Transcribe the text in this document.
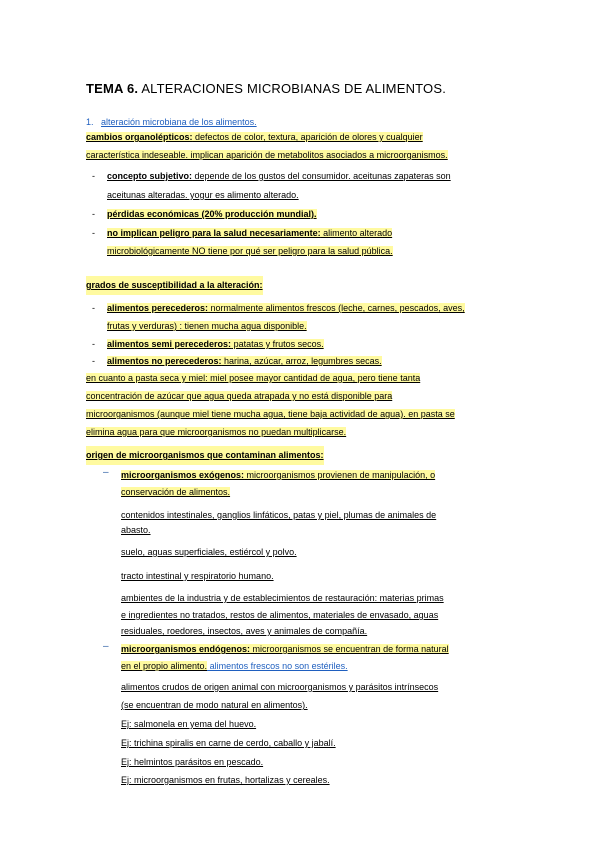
TEMA 6. ALTERACIONES MICROBIANAS DE ALIMENTOS.
1. alteración microbiana de los alimentos.
cambios organolépticos: defectos de color, textura, aparición de olores y cualquier
característica indeseable. implican aparición de metabolitos asociados a microorganismos.
- concepto subjetivo: depende de los gustos del consumidor. aceitunas zapateras son
aceitunas alteradas. yogur es alimento alterado.
- pérdidas económicas (20% producción mundial).
- no implican peligro para la salud necesariamente: alimento alterado
microbiológicamente NO tiene por qué ser peligro para la salud pública.
grados de susceptibilidad a la alteración:
- alimentos perecederos: normalmente alimentos frescos (leche, carnes, pescados, aves,
frutas y verduras) : tienen mucha agua disponible.
- alimentos semi perecederos: patatas y frutos secos.
- alimentos no perecederos: harina, azúcar, arroz, legumbres secas.
en cuanto a pasta seca y miel: miel posee mayor cantidad de agua, pero tiene tanta
concentración de azúcar que agua queda atrapada y no está disponible para
microorganismos (aunque miel tiene mucha agua, tiene baja actividad de agua). en pasta se
elimina agua para que microorganismos no puedan multiplicarse.
origen de microorganismos que contaminan alimentos:
– microorganismos exógenos: microorganismos provienen de manipulación, o
conservación de alimentos.
contenidos intestinales, ganglios linfáticos, patas y piel, plumas de animales de
abasto.
suelo, aguas superficiales, estiércol y polvo.
tracto intestinal y respiratorio humano.
ambientes de la industria y de establecimientos de restauración: materias primas
e ingredientes no tratados, restos de alimentos, materiales de envasado, aguas
residuales, roedores, insectos, aves y animales de compañía.
– microorganismos endógenos: microorganismos se encuentran de forma natural
en el propio alimento. alimentos frescos no son estériles.
alimentos crudos de origen animal con microorganismos y parásitos intrínsecos
(se encuentran de modo natural en alimentos).
Ej: salmonela en yema del huevo.
Ej: trichina spiralis en carne de cerdo, caballo y jabalí.
Ej: helmintos parásitos en pescado.
Ej: microorganismos en frutas, hortalizas y cereales.
